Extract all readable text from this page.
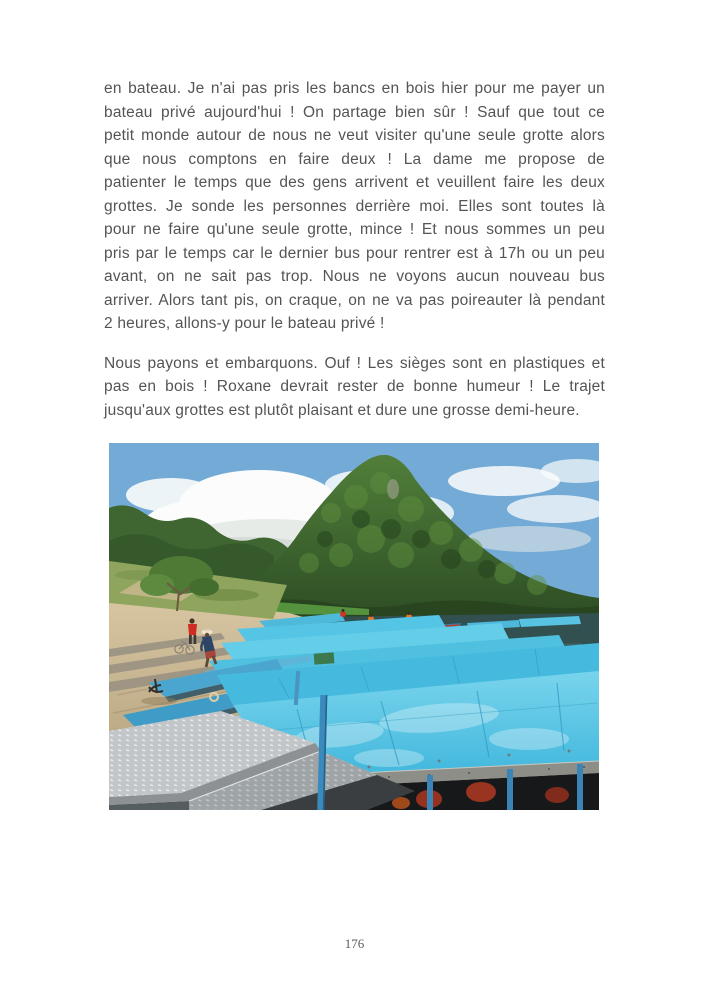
en bateau. Je n'ai pas pris les bancs en bois hier pour me payer un
bateau privé aujourd'hui ! On partage bien sûr ! Sauf que tout ce
petit monde autour de nous ne veut visiter qu'une seule grotte alors
que nous comptons en faire deux ! La dame me propose de
patienter le temps que des gens arrivent et veuillent faire les deux
grottes. Je sonde les personnes derrière moi. Elles sont toutes là
pour ne faire qu'une seule grotte, mince ! Et nous sommes un peu
pris par le temps car le dernier bus pour rentrer est à 17h ou un peu
avant, on ne sait pas trop. Nous ne voyons aucun nouveau bus
arriver. Alors tant pis, on craque, on ne va pas poireauter là pendant
2 heures, allons-y pour le bateau privé !

Nous payons et embarquons. Ouf ! Les sièges sont en plastiques et
pas en bois ! Roxane devrait rester de bonne humeur ! Le trajet
jusqu'aux grottes est plutôt plaisant et dure une grosse demi-heure.

176
